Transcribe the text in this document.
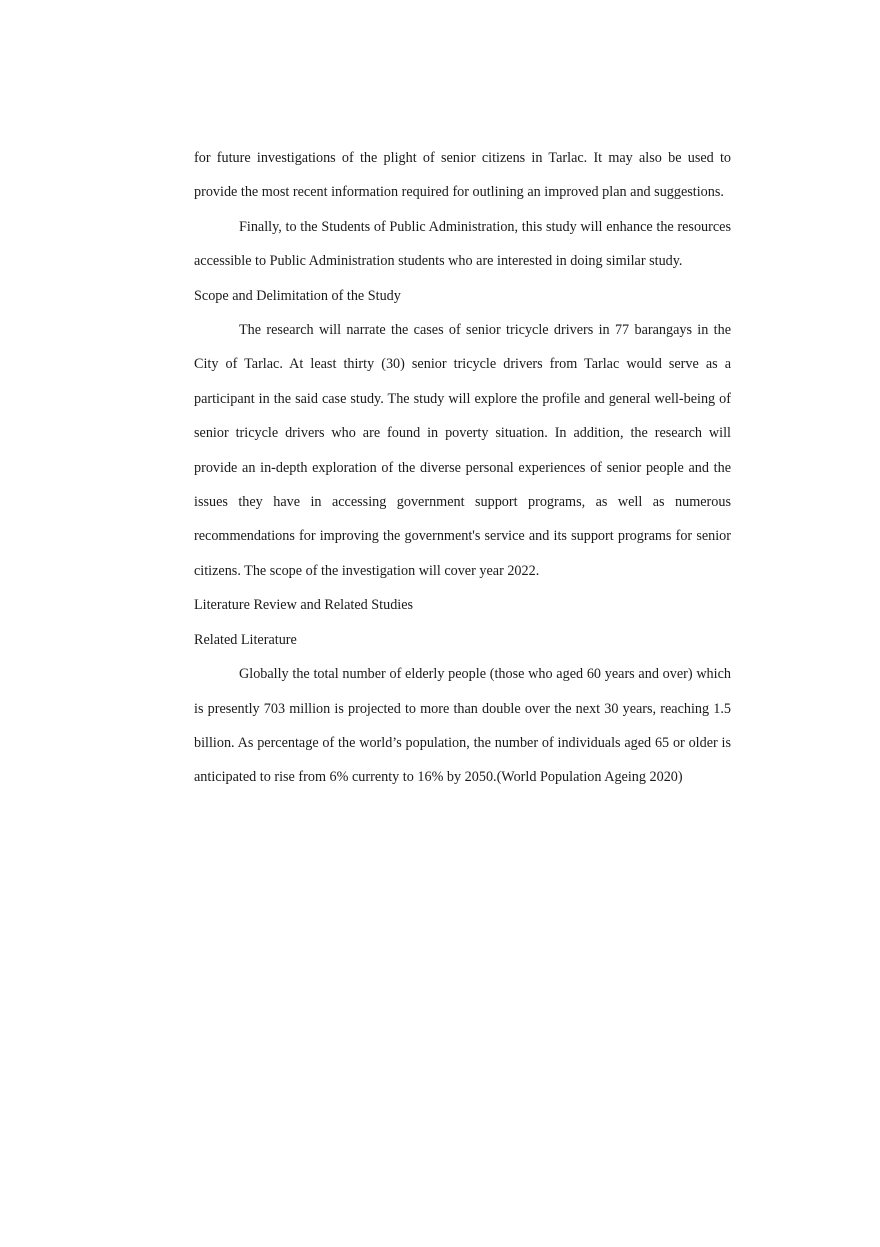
for future investigations of the plight of senior citizens in Tarlac. It may also be used to provide the most recent information required for outlining an improved plan and suggestions.

Finally, to the Students of Public Administration, this study will enhance the resources accessible to Public Administration students who are interested in doing similar study.

Scope and Delimitation of the Study

The research will narrate the cases of senior tricycle drivers in 77 barangays in the City of Tarlac. At least thirty (30) senior tricycle drivers from Tarlac would serve as a participant in the said case study. The study will explore the profile and general well-being of senior tricycle drivers who are found in poverty situation. In addition, the research will provide an in-depth exploration of the diverse personal experiences of senior people and the issues they have in accessing government support programs, as well as numerous recommendations for improving the government's service and its support programs for senior citizens. The scope of the investigation will cover year 2022.

Literature Review and Related Studies

Related Literature

Globally the total number of elderly people (those who aged 60 years and over) which is presently 703 million is projected to more than double over the next 30 years, reaching 1.5 billion. As percentage of the world’s population, the number of individuals aged 65 or older is anticipated to rise from 6% currenty to 16% by 2050.(World Population Ageing 2020)
